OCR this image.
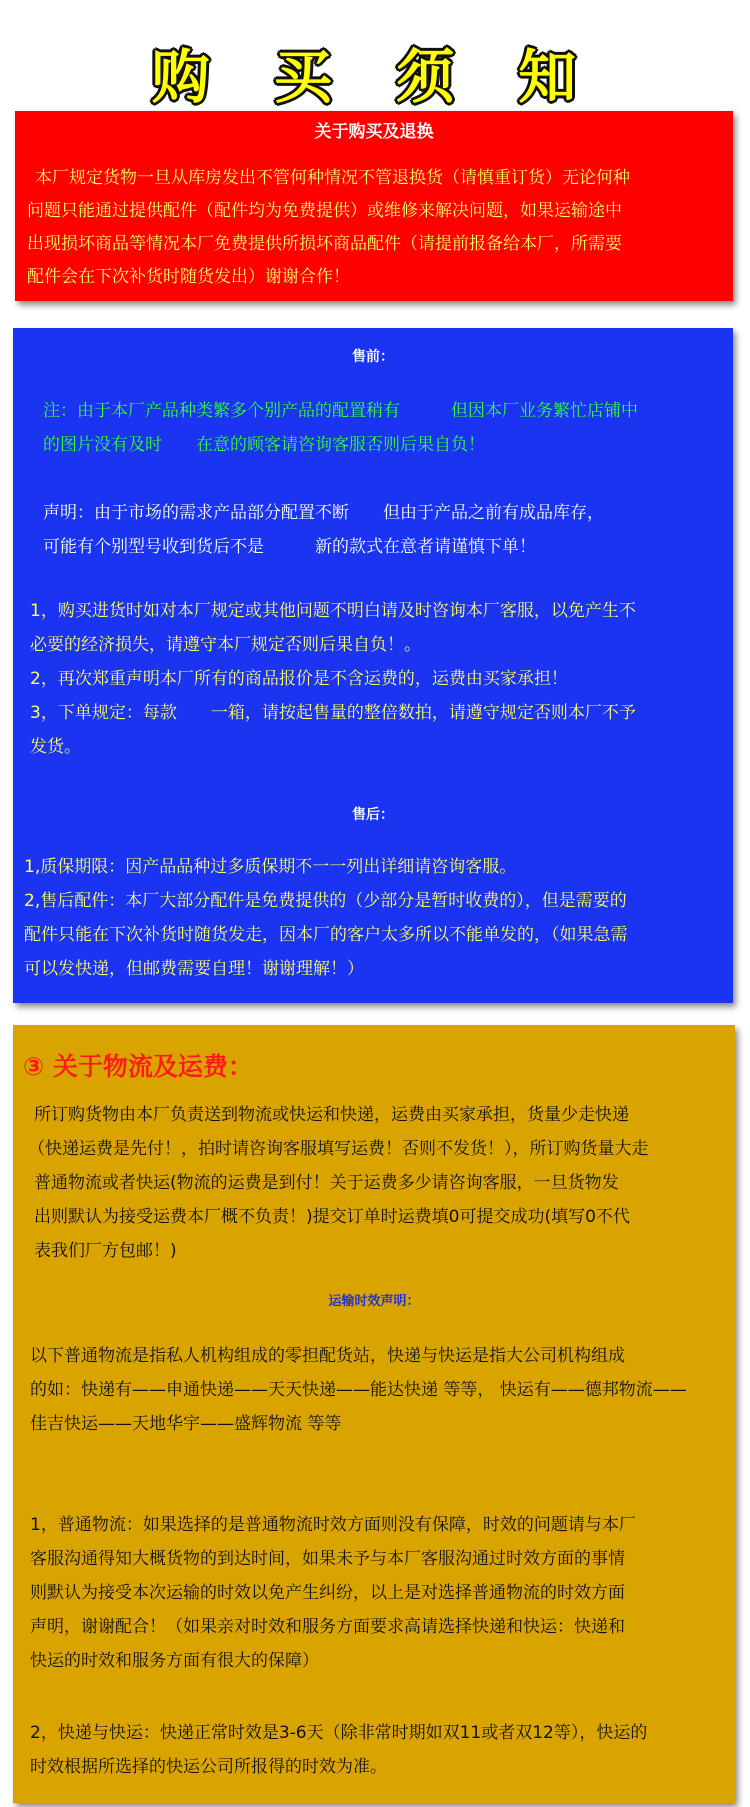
购 买 须 知
关于购买及退换
本厂规定货物一旦从库房发出不管何种情况不管退换货（请慎重订货）无论何种
问题只能通过提供配件（配件均为免费提供）或维修来解决问题，如果运输途中
出现损坏商品等情况本厂免费提供所损坏商品配件（请提前报备给本厂，所需要
配件会在下次补货时随货发出）谢谢合作！
售前：
注：由于本厂产品种类繁多个别产品的配置稍有　　　但因本厂业务繁忙店铺中
的图片没有及时　　在意的顾客请咨询客服否则后果自负！
声明：由于市场的需求产品部分配置不断　　但由于产品之前有成品库存，
可能有个别型号收到货后不是　　　新的款式在意者请谨慎下单！
1，购买进货时如对本厂规定或其他问题不明白请及时咨询本厂客服，以免产生不
必要的经济损失，请遵守本厂规定否则后果自负！。
2，再次郑重声明本厂所有的商品报价是不含运费的，运费由买家承担！
3，下单规定：每款　　一箱，请按起售量的整倍数拍，请遵守规定否则本厂不予
发货。
售后：
1,质保期限：因产品品种过多质保期不一一列出详细请咨询客服。
2,售后配件：本厂大部分配件是免费提供的（少部分是暂时收费的），但是需要的
配件只能在下次补货时随货发走，因本厂的客户太多所以不能单发的，（如果急需
可以发快递，但邮费需要自理！谢谢理解！）
③ 关于物流及运费：
所订购货物由本厂负责送到物流或快运和快递，运费由买家承担，货量少走快递
（快递运费是先付！，拍时请咨询客服填写运费！否则不发货！），所订购货量大走
普通物流或者快运(物流的运费是到付！关于运费多少请咨询客服，一旦货物发
出则默认为接受运费本厂概不负责！)提交订单时运费填0可提交成功(填写0不代
表我们厂方包邮！)
运输时效声明：
以下普通物流是指私人机构组成的零担配货站，快递与快运是指大公司机构组成
的如：快递有——申通快递——天天快递——能达快递 等等， 快运有——德邦物流——
佳吉快运——天地华宇——盛辉物流 等等
1，普通物流：如果选择的是普通物流时效方面则没有保障，时效的问题请与本厂
客服沟通得知大概货物的到达时间，如果未予与本厂客服沟通过时效方面的事情
则默认为接受本次运输的时效以免产生纠纷，以上是对选择普通物流的时效方面
声明，谢谢配合！（如果亲对时效和服务方面要求高请选择快递和快运：快递和
快运的时效和服务方面有很大的保障）
2，快递与快运：快递正常时效是3-6天（除非常时期如双11或者双12等），快运的
时效根据所选择的快运公司所报得的时效为准。
